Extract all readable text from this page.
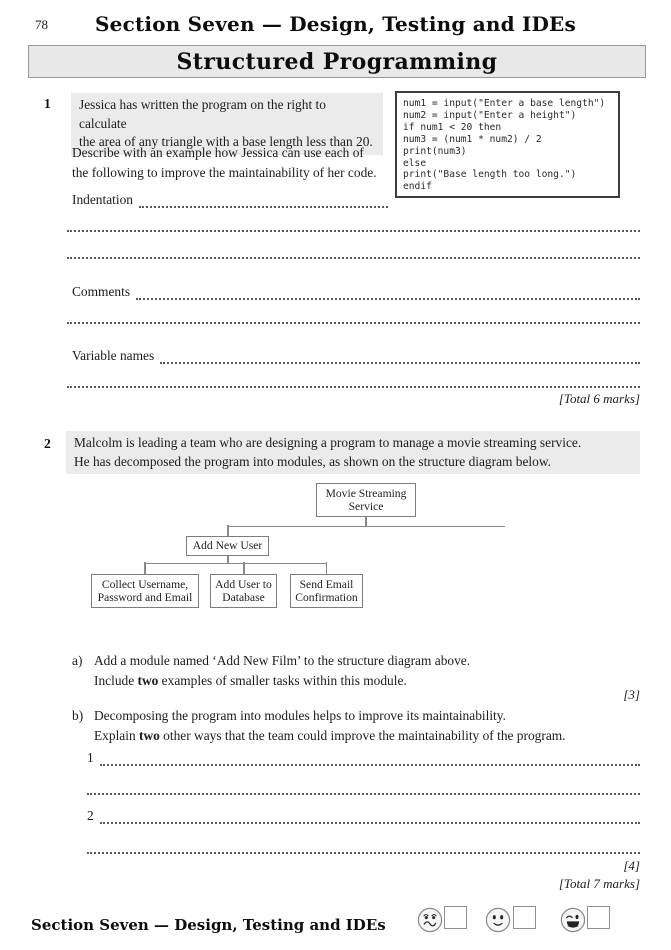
78	Section Seven — Design, Testing and IDEs
Structured Programming
1 Jessica has written the program on the right to calculate
the area of any triangle with a base length less than 20.
num1 = input("Enter a base length")
num2 = input("Enter a height")
if num1 < 20 then
num3 = (num1 * num2) / 2
print(num3)
else
print("Base length too long.")
endif
Describe with an example how Jessica can use each of
the following to improve the maintainability of her code.
Indentation
Comments
Variable names
[Total 6 marks]
2 Malcolm is leading a team who are designing a program to manage a movie streaming service.
He has decomposed the program into modules, as shown on the structure diagram below.
Movie Streaming Service
Add New User
Collect Username, Password and Email
Add User to Database
Send Email Confirmation
a) Add a module named ‘Add New Film’ to the structure diagram above.
Include two examples of smaller tasks within this module.
[3]
b) Decomposing the program into modules helps to improve its maintainability.
Explain two other ways that the team could improve the maintainability of the program.
1
2
[4]
[Total 7 marks]
Section Seven — Design, Testing and IDEs
